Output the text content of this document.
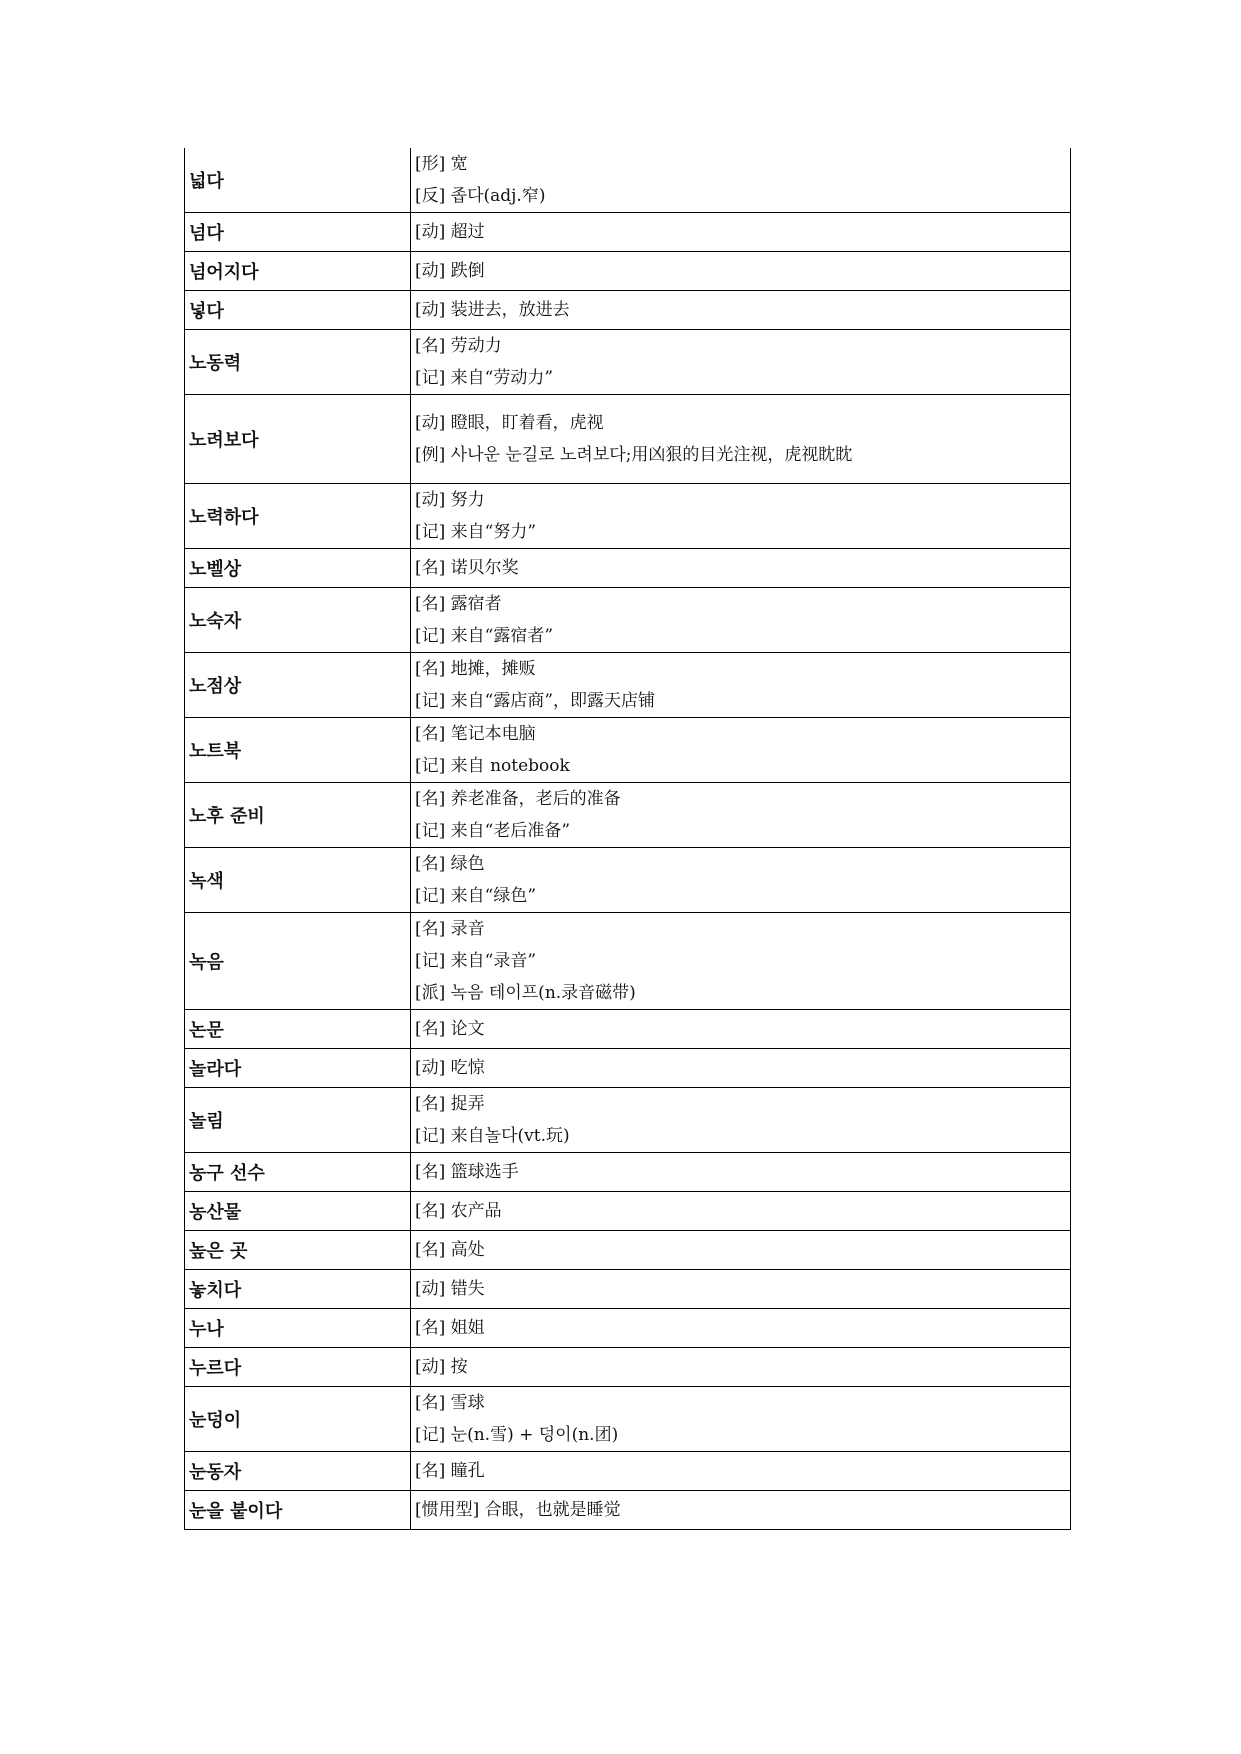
넓다	[形] 宽
[反] 좁다(adj.窄)

넘다	[动] 超过

넘어지다	[动] 跌倒

넣다	[动] 装进去，放进去

노동력	[名] 劳动力
[记] 来自“劳动力”

노려보다	[动] 瞪眼，盯着看，虎视
[例] 사나운 눈길로 노려보다;用凶狠的目光注视，虎视眈眈

노력하다	[动] 努力
[记] 来自“努力”

노벨상	[名] 诺贝尔奖

노숙자	[名] 露宿者
[记] 来自“露宿者”

노점상	[名] 地摊，摊贩
[记] 来自“露店商”，即露天店铺

노트북	[名] 笔记本电脑
[记] 来自 notebook

노후 준비	[名] 养老准备，老后的准备
[记] 来自“老后准备”

녹색	[名] 绿色
[记] 来自“绿色”

녹음	[名] 录音
[记] 来自“录音”
[派] 녹음 테이프(n.录音磁带)

논문	[名] 论文

놀라다	[动] 吃惊

놀림	[名] 捉弄
[记] 来自놀다(vt.玩)

농구 선수	[名] 篮球选手

농산물	[名] 农产品

높은 곳	[名] 高处

놓치다	[动] 错失

누나	[名] 姐姐

누르다	[动] 按

눈덩이	[名] 雪球
[记] 눈(n.雪) + 덩이(n.团)

눈동자	[名] 瞳孔

눈을 붙이다	[惯用型] 合眼，也就是睡觉
